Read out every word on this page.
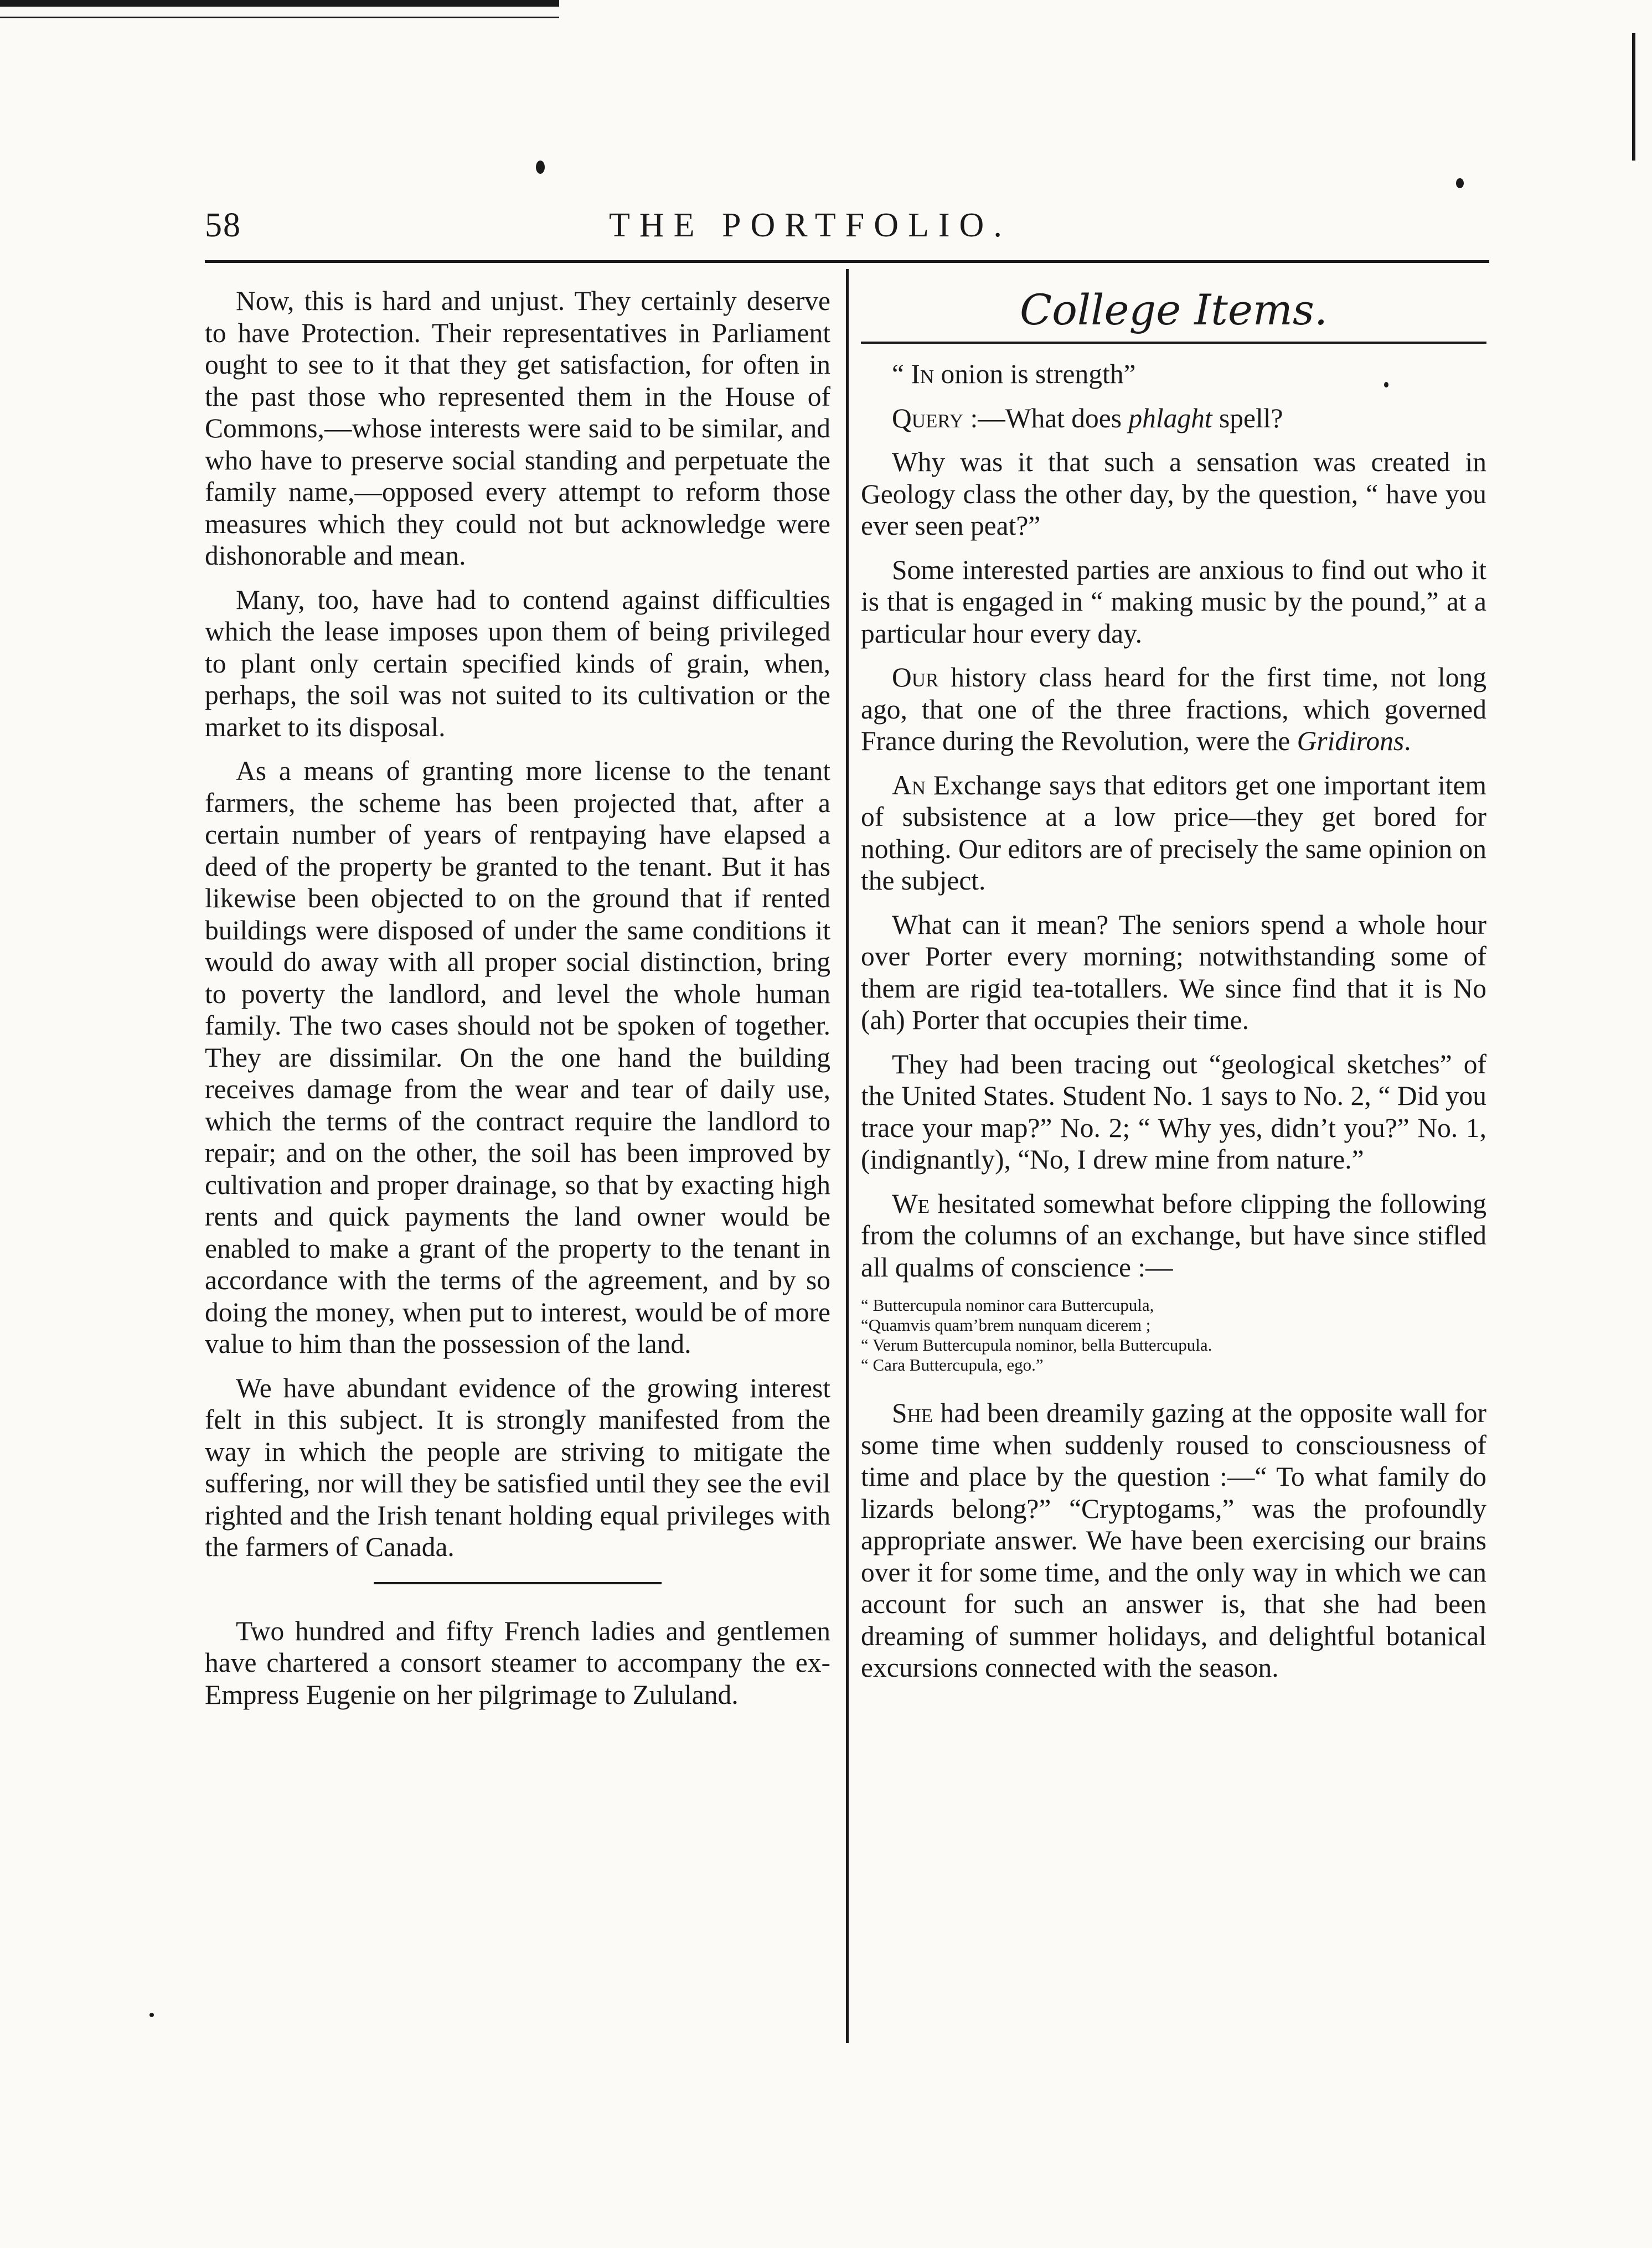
58	THE PORTFOLIO.

Now, this is hard and unjust. They certainly deserve to have Protection. Their representatives in Parliament ought to see to it that they get satisfaction, for often in the past those who represented them in the House of Commons,—whose interests were said to be similar, and who have to preserve social standing and perpetuate the family name,—opposed every attempt to reform those measures which they could not but acknowledge were dishonorable and mean.

Many, too, have had to contend against difficulties which the lease imposes upon them of being privileged to plant only certain specified kinds of grain, when, perhaps, the soil was not suited to its cultivation or the market to its disposal.

As a means of granting more license to the tenant farmers, the scheme has been projected that, after a certain number of years of rentpaying have elapsed a deed of the property be granted to the tenant. But it has likewise been objected to on the ground that if rented buildings were disposed of under the same conditions it would do away with all proper social distinction, bring to poverty the landlord, and level the whole human family. The two cases should not be spoken of together. They are dissimilar. On the one hand the building receives damage from the wear and tear of daily use, which the terms of the contract require the landlord to repair; and on the other, the soil has been improved by cultivation and proper drainage, so that by exacting high rents and quick payments the land owner would be enabled to make a grant of the property to the tenant in accordance with the terms of the agreement, and by so doing the money, when put to interest, would be of more value to him than the possession of the land.

We have abundant evidence of the growing interest felt in this subject. It is strongly manifested from the way in which the people are striving to mitigate the suffering, nor will they be satisfied until they see the evil righted and the Irish tenant holding equal privileges with the farmers of Canada.

Two hundred and fifty French ladies and gentlemen have chartered a consort steamer to accompany the ex-Empress Eugenie on her pilgrimage to Zululand.

College Items.

“ In onion is strength”

Query :—What does phlaght spell?

Why was it that such a sensation was created in Geology class the other day, by the question, “ have you ever seen peat?”

Some interested parties are anxious to find out who it is that is engaged in “ making music by the pound,” at a particular hour every day.

Our history class heard for the first time, not long ago, that one of the three fractions, which governed France during the Revolution, were the Gridirons.

An Exchange says that editors get one important item of subsistence at a low price—they get bored for nothing. Our editors are of precisely the same opinion on the subject.

What can it mean? The seniors spend a whole hour over Porter every morning; notwithstanding some of them are rigid tea-totallers. We since find that it is No (ah) Porter that occupies their time.

They had been tracing out “geological sketches” of the United States. Student No. 1 says to No. 2, “ Did you trace your map?” No. 2; “ Why yes, didn’t you?” No. 1, (indignantly), “No, I drew mine from nature.”

We hesitated somewhat before clipping the following from the columns of an exchange, but have since stifled all qualms of conscience :—

“ Buttercupula nominor cara Buttercupula,
“Quamvis quam’brem nunquam dicerem ;
“ Verum Buttercupula nominor, bella Buttercupula.
“ Cara Buttercupula, ego.”

She had been dreamily gazing at the opposite wall for some time when suddenly roused to consciousness of time and place by the question :—“ To what family do lizards belong?” “Cryptogams,” was the profoundly appropriate answer. We have been exercising our brains over it for some time, and the only way in which we can account for such an answer is, that she had been dreaming of summer holidays, and delightful botanical excursions connected with the season.
